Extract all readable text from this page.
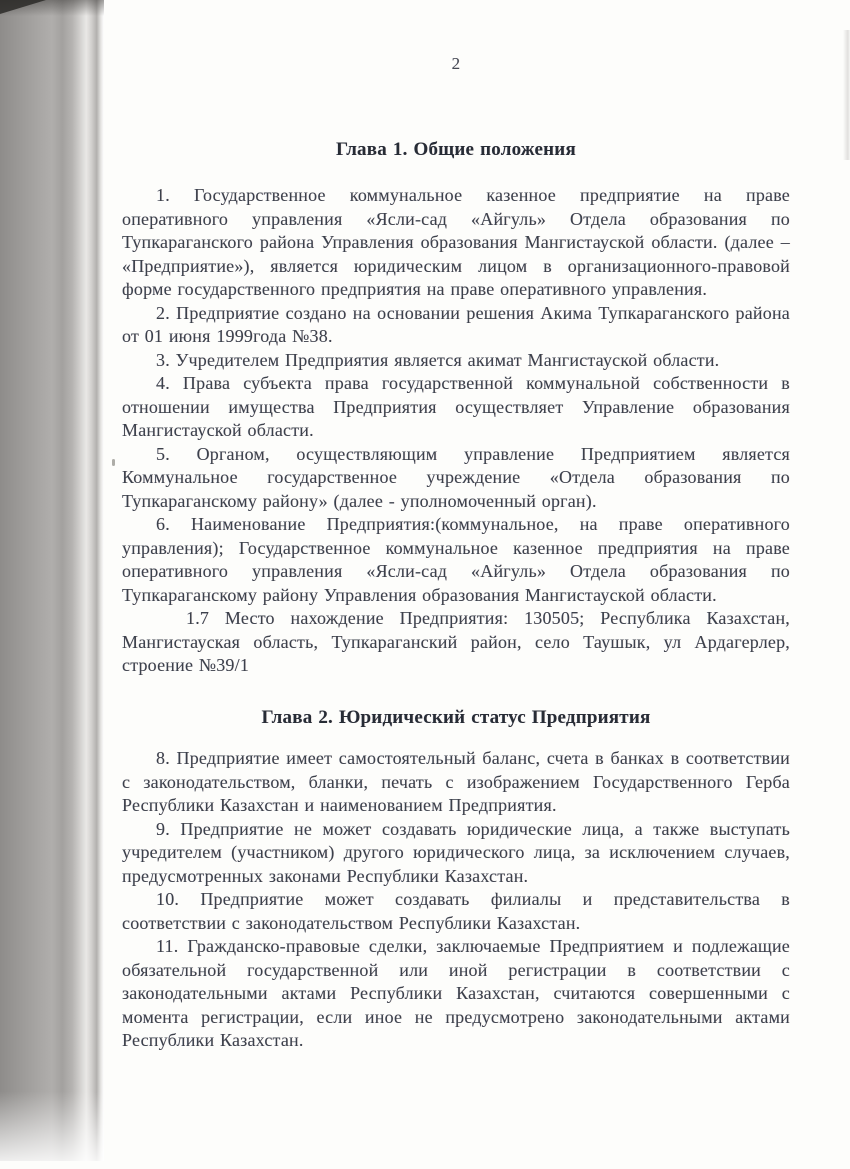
2
Глава 1. Общие положения

1. Государственное коммунальное казенное предприятие на праве оперативного управления «Ясли-сад «Айгуль» Отдела образования по Тупкараганского района Управления образования Мангистауской области. (далее – «Предприятие»), является юридическим лицом в организационного-правовой форме государственного предприятия на праве оперативного управления.

2. Предприятие создано на основании решения Акима Тупкараганского района от 01 июня 1999года №38.

3. Учредителем Предприятия является акимат Мангистауской области.

4. Права субъекта права государственной коммунальной собственности в отношении имущества Предприятия осуществляет Управление образования Мангистауской области.

5. Органом, осуществляющим управление Предприятием является Коммунальное государственное учреждение «Отдела образования по Тупкараганскому району» (далее - уполномоченный орган).

6. Наименование Предприятия:(коммунальное, на праве оперативного управления); Государственное коммунальное казенное предприятия на праве оперативного управления «Ясли-сад «Айгуль» Отдела образования по Тупкараганскому району Управления образования Мангистауской области.

1.7 Место нахождение Предприятия: 130505; Республика Казахстан, Мангистауская область, Тупкараганский район, село Таушык, ул Ардагерлер, строение №39/1

Глава 2. Юридический статус Предприятия

8. Предприятие имеет самостоятельный баланс, счета в банках в соответствии с законодательством, бланки, печать с изображением Государственного Герба Республики Казахстан и наименованием Предприятия.

9. Предприятие не может создавать юридические лица, а также выступать учредителем (участником) другого юридического лица, за исключением случаев, предусмотренных законами Республики Казахстан.

10. Предприятие может создавать филиалы и представительства в соответствии с законодательством Республики Казахстан.

11. Гражданско-правовые сделки, заключаемые Предприятием и подлежащие обязательной государственной или иной регистрации в соответствии с законодательными актами Республики Казахстан, считаются совершенными с момента регистрации, если иное не предусмотрено законодательными актами Республики Казахстан.
